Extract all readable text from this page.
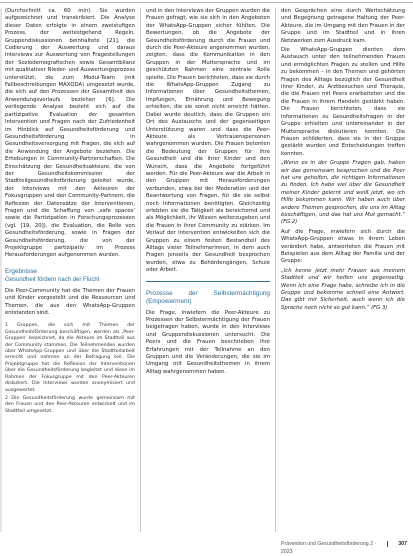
(Durchschnitt ca. 60 min). Sie wurden aufgezeichnet und transkribiert. Die Analyse dieser Daten erfolgte in einem zweistufigen Prozess, der weitestgehend Regeln, Gruppendiskussionen beinhaltete [21], die Codierung der Auswertung und daraus Interviews zur Auswertung von Fragestellungen der Soziodemografischen sowie Gesamtbilanz mit qualitativer Nieder- und Auswertungsprozess unterstützt, die zum Modul-Team (mit Fallbeschreibungen MAXQDA) umgesetzt wurde, die sich auf den Prozessen der Gesamtheit des Anwendungsverlaufs beziehen [6]. Die vorliegende Analyse bezieht sich auf die partizipative Evaluation der gesamten Intervention und Fragen nach der Zufriedenheit im Hinblick auf Gesundheitsförderung und Gesundheitsförderung in Gesundheitsversorgung mit Fragen, die sich auf die Anwendung der Angebote beziehen. Die Erhebungen in Community-Partnerschaften. Die Einschätzung der Gesundheitsakteure, die von der Gesundheitskommission der Stadtteilgesundheitsförderung geleitet wurde, der Interviews mit den Akteuren der Fokusgruppen und den Community-Partnern, die Reflexion der Datensätze der Interventionen, Fragen und die Schaffung von ‚safe spaces‘ sowie die Partizipation in Forschungsprozessen (vgl. [19, 20]), die Evaluation, die Rolle von Gesundheitsförderung, sowie in Fragen der Gesundheitsförderung, die von der Projektgruppe partizipativ im Prozess Herausforderungen aufgenommen wurden.

Ergebnisse
Gesundheit fördern nach der Flucht

Die Peer-Community hat die Themen der Frauen und Kinder vorgestellt und die Ressourcen und Themen, die aus den WhatsApp-Gruppen entstanden sind.

1 Gruppen, die sich mit Themen der Gesundheitsförderung beschäftigen, werden als ‚Peer-Gruppen‘ bezeichnet, da die Akteure im Stadtteil aus der Community stammen. Die Teilnehmenden wurden über WhatsApp-Gruppen und über die Stadtteilarbeit erreicht und nahmen an der Befragung teil. Die Projektgruppe hat die Reflexion der Interventionen über die Gesundheitsförderung begleitet und diese im Rahmen der Fokusgruppe mit den Peer-Akteuren diskutiert. Die Interviews wurden anonymisiert und ausgewertet.

2 Die Gesundheitsförderung wurde gemeinsam mit den Frauen und den Peer-Akteuren entwickelt und im Stadtteil umgesetzt.

und in den Interviews der Gruppen wurden die Frauen gefragt, wie sie sich in den Angeboten der WhatsApp-Gruppen sicher fühlten. Die Bewertungen, ob die Angebote der Gesundheitsförderung durch die Frauen und durch die Peer-Akteure angenommen wurden, zeigten, dass die Kommunikation in den Gruppen in der Muttersprache und im geschützten Rahmen eine zentrale Rolle spielte. Die Frauen berichteten, dass sie durch die WhatsApp-Gruppen Zugang zu Informationen über Gesundheitsthemen, Impfungen, Ernährung und Bewegung erhielten, die sie sonst nicht erreicht hätten. Dabei wurde deutlich, dass die Gruppen ein Ort des Austauschs und der gegenseitigen Unterstützung waren und dass die Peer-Akteure als Vertrauenspersonen wahrgenommen wurden. Die Frauen betonten die Bedeutung der Gruppen für ihre Gesundheit und die ihrer Kinder und den Wunsch, dass die Angebote fortgeführt werden. Für die Peer-Akteure war die Arbeit in den Gruppen mit Herausforderungen verbunden, etwa bei der Moderation und der Beantwortung von Fragen, für die sie selbst noch Informationen benötigten. Gleichzeitig erlebten sie die Tätigkeit als bereichernd und als Möglichkeit, ihr Wissen weiterzugeben und die Frauen in ihrer Community zu stärken. Im Verlauf der Intervention entwickelten sich die Gruppen zu einem festen Bestandteil des Alltags vieler Teilnehmerinnen, in dem auch Fragen jenseits der Gesundheit besprochen wurden, etwa zu Behördengängen, Schule oder Arbeit.

Prozesse der Selbstermächtigung (Empowerment)

Die Frage, inwiefern die Peer-Akteure zu Prozessen der Selbstermächtigung der Frauen beigetragen haben, wurde in den Interviews und Gruppendiskussionen untersucht. Die Peers und die Frauen beschrieben ihre Erfahrungen mit der Teilnahme an den Gruppen und die Veränderungen, die sie im Umgang mit Gesundheitsthemen in ihrem Alltag wahrgenommen haben.

den Gesprächen eine durch Wertschätzung und Begegnung getragene Haltung der Peer-Akteure, die im Umgang mit den Frauen in der Gruppe und im Stadtteil und in ihren Netzwerken zum Ausdruck kam.

Die WhatsApp-Gruppen dienten dem Austausch unter den teilnehmenden Frauen und ermöglichten Fragen zu stellen und Hilfe zu bekommen – in den Themen und gehörten Fragen des Alltags bezüglich der Gesundheit ihrer Kinder, zu Arztbesuchen und Therapie, die die Frauen mit Peers erarbeiteten und die die Frauen in ihrem Handeln gestärkt haben. Die Frauen berichteten, dass sie Informationen zu Gesundheitsfragen in der Gruppe erhielten und untereinander in der Muttersprache diskutieren konnten. Die Frauen schilderten, dass sie in der Gruppe gestärkt wurden und Entscheidungen treffen konnten.

„Wenn es in der Gruppe Fragen gab, haben wir das gemeinsam besprochen und die Peer hat uns geholfen, die richtigen Informationen zu finden. Ich habe viel über die Gesundheit meiner Kinder gelernt und weiß jetzt, wo ich Hilfe bekommen kann. Wir haben auch über andere Themen gesprochen, die uns im Alltag beschäftigen, und das hat uns Mut gemacht.“ (FG 2)

Auf die Frage, inwiefern sich durch die WhatsApp-Gruppen etwas in ihrem Leben verändert habe, antworteten die Frauen mit Beispielen aus dem Alltag der Familie und der Gruppe:

„Ich kenne jetzt mehr Frauen aus meinem Stadtteil und wir helfen uns gegenseitig. Wenn ich eine Frage habe, schreibe ich in die Gruppe und bekomme schnell eine Antwort. Das gibt mir Sicherheit, auch wenn ich die Sprache noch nicht so gut kann.“ (FG 3)

Prävention und Gesundheitsförderung 2 · 2023
307
